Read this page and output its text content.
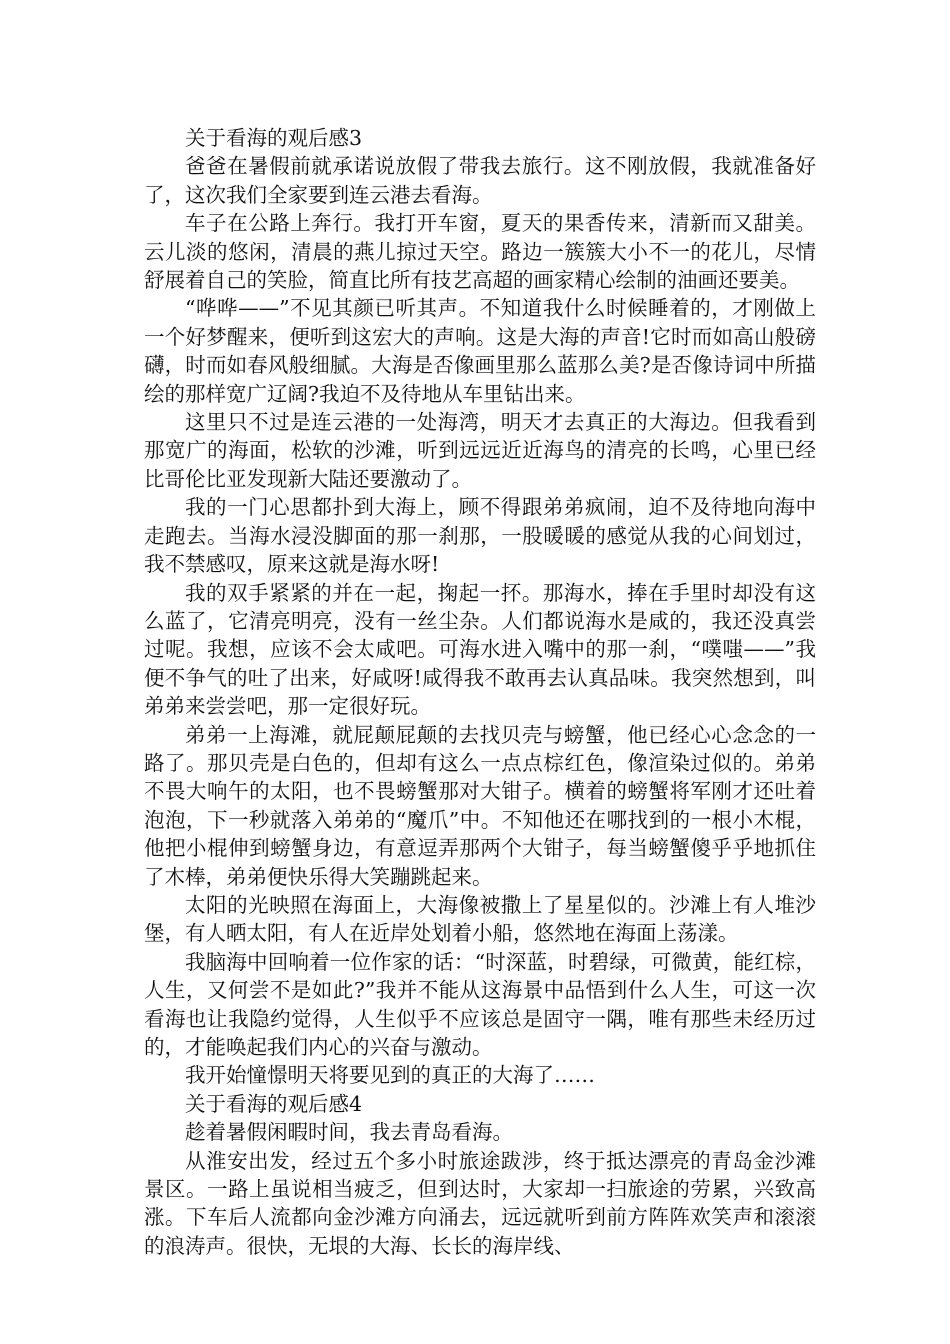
关于看海的观后感3

爸爸在暑假前就承诺说放假了带我去旅行。这不刚放假，我就准备好了，这次我们全家要到连云港去看海。

车子在公路上奔行。我打开车窗，夏天的果香传来，清新而又甜美。云儿淡的悠闲，清晨的燕儿掠过天空。路边一簇簇大小不一的花儿，尽情舒展着自己的笑脸，简直比所有技艺高超的画家精心绘制的油画还要美。

“哗哗——”不见其颜已听其声。不知道我什么时候睡着的，才刚做上一个好梦醒来，便听到这宏大的声响。这是大海的声音!它时而如高山般磅礴，时而如春风般细腻。大海是否像画里那么蓝那么美?是否像诗词中所描绘的那样宽广辽阔?我迫不及待地从车里钻出来。

这里只不过是连云港的一处海湾，明天才去真正的大海边。但我看到那宽广的海面，松软的沙滩，听到远远近近海鸟的清亮的长鸣，心里已经比哥伦比亚发现新大陆还要激动了。

我的一门心思都扑到大海上，顾不得跟弟弟疯闹，迫不及待地向海中走跑去。当海水浸没脚面的那一刹那，一股暖暖的感觉从我的心间划过，我不禁感叹，原来这就是海水呀!

我的双手紧紧的并在一起，掬起一抔。那海水，捧在手里时却没有这么蓝了，它清亮明亮，没有一丝尘杂。人们都说海水是咸的，我还没真尝过呢。我想，应该不会太咸吧。可海水进入嘴中的那一刹，“噗嗤——”我便不争气的吐了出来，好咸呀!咸得我不敢再去认真品味。我突然想到，叫弟弟来尝尝吧，那一定很好玩。

弟弟一上海滩，就屁颠屁颠的去找贝壳与螃蟹，他已经心心念念的一路了。那贝壳是白色的，但却有这么一点点棕红色，像渲染过似的。弟弟不畏大响午的太阳，也不畏螃蟹那对大钳子。横着的螃蟹将军刚才还吐着泡泡，下一秒就落入弟弟的“魔爪”中。不知他还在哪找到的一根小木棍，他把小棍伸到螃蟹身边，有意逗弄那两个大钳子，每当螃蟹傻乎乎地抓住了木棒，弟弟便快乐得大笑蹦跳起来。

太阳的光映照在海面上，大海像被撒上了星星似的。沙滩上有人堆沙堡，有人晒太阳，有人在近岸处划着小船，悠然地在海面上荡漾。

我脑海中回响着一位作家的话：“时深蓝，时碧绿，可微黄，能红棕，人生，又何尝不是如此?”我并不能从这海景中品悟到什么人生，可这一次看海也让我隐约觉得，人生似乎不应该总是固守一隅，唯有那些未经历过的，才能唤起我们内心的兴奋与激动。

我开始憧憬明天将要见到的真正的大海了……

关于看海的观后感4

趁着暑假闲暇时间，我去青岛看海。

从淮安出发，经过五个多小时旅途跋涉，终于抵达漂亮的青岛金沙滩景区。一路上虽说相当疲乏，但到达时，大家却一扫旅途的劳累，兴致高涨。下车后人流都向金沙滩方向涌去，远远就听到前方阵阵欢笑声和滚滚的浪涛声。很快，无垠的大海、长长的海岸线、
